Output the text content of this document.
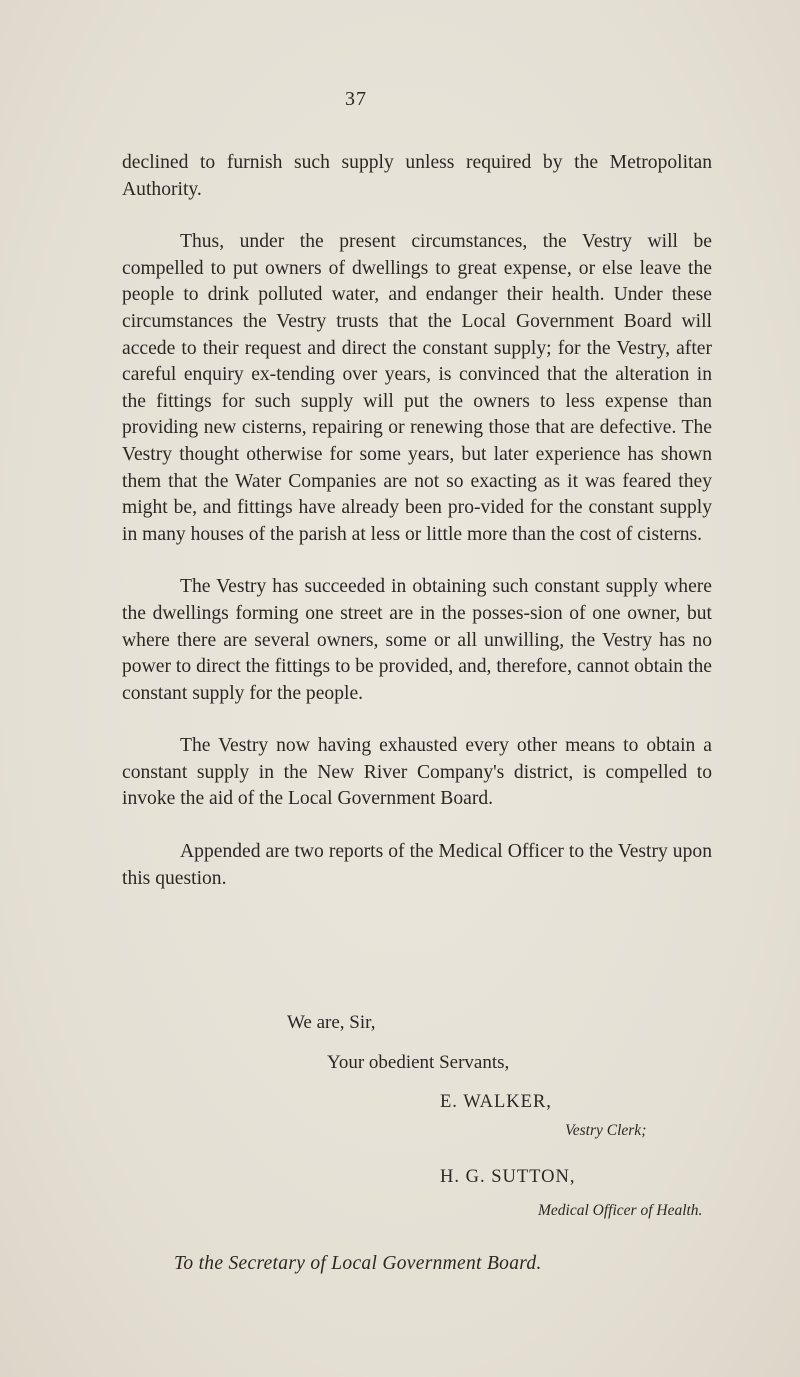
37

declined to furnish such supply unless required by the Metropolitan Authority.

Thus, under the present circumstances, the Vestry will be compelled to put owners of dwellings to great expense, or else leave the people to drink polluted water, and endanger their health. Under these circumstances the Vestry trusts that the Local Government Board will accede to their request and direct the constant supply; for the Vestry, after careful enquiry ex-tending over years, is convinced that the alteration in the fittings for such supply will put the owners to less expense than providing new cisterns, repairing or renewing those that are defective. The Vestry thought otherwise for some years, but later experience has shown them that the Water Companies are not so exacting as it was feared they might be, and fittings have already been pro-vided for the constant supply in many houses of the parish at less or little more than the cost of cisterns.

The Vestry has succeeded in obtaining such constant supply where the dwellings forming one street are in the posses-sion of one owner, but where there are several owners, some or all unwilling, the Vestry has no power to direct the fittings to be provided, and, therefore, cannot obtain the constant supply for the people.

The Vestry now having exhausted every other means to obtain a constant supply in the New River Company's district, is compelled to invoke the aid of the Local Government Board.

Appended are two reports of the Medical Officer to the Vestry upon this question.

We are, Sir,
Your obedient Servants,
E. WALKER,
Vestry Clerk;
H. G. SUTTON,
Medical Officer of Health.
To the Secretary of Local Government Board.
